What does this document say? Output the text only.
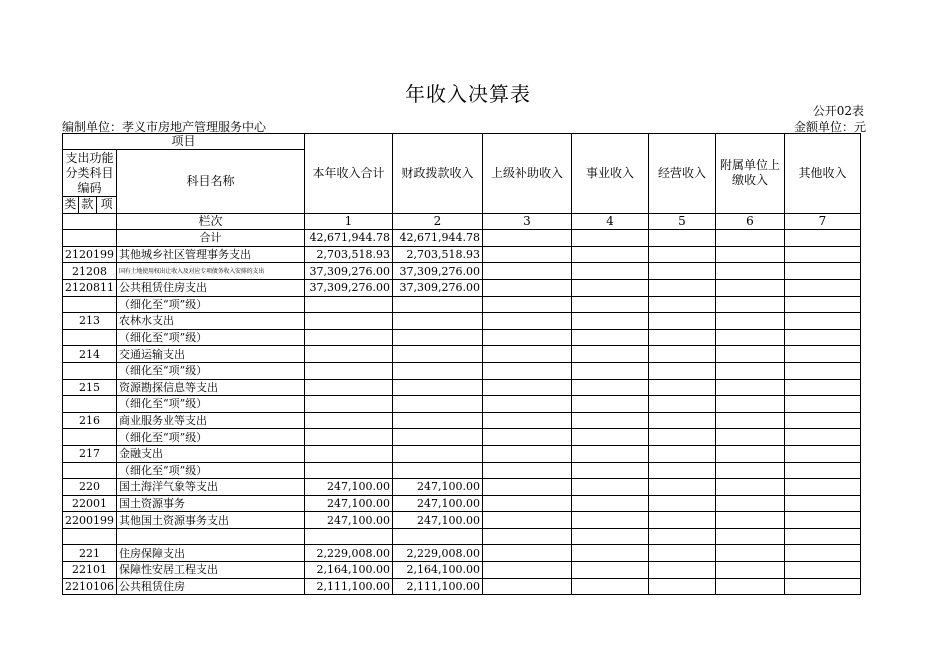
年收入决算表
公开02表
编制单位：孝义市房地产管理服务中心	金额单位：元
项目				本年收入合计	财政拨款收入	上级补助收入	事业收入	经营收入	附属单位上缴收入	其他收入
支出功能分类科目编码			科目名称							
类	款	项								
			栏次	1	2	3	4	5	6	7
			合计	42,671,944.78	42,671,944.78					
2120199			其他城乡社区管理事务支出	2,703,518.93	2,703,518.93					
21208			国有土地使用权出让收入及对应专项债务收入安排的支出	37,309,276.00	37,309,276.00					
2120811			公共租赁住房支出	37,309,276.00	37,309,276.00					
			（细化至“项”级）							
213			农林水支出							
			（细化至“项”级）							
214			交通运输支出							
			（细化至“项”级）							
215			资源勘探信息等支出							
			（细化至“项”级）							
216			商业服务业等支出							
			（细化至“项”级）							
217			金融支出							
			（细化至“项”级）							
220			国土海洋气象等支出	247,100.00	247,100.00					
22001			国土资源事务	247,100.00	247,100.00					
2200199			其他国土资源事务支出	247,100.00	247,100.00					

221			住房保障支出	2,229,008.00	2,229,008.00					
22101			保障性安居工程支出	2,164,100.00	2,164,100.00					
2210106			公共租赁住房	2,111,100.00	2,111,100.00					
